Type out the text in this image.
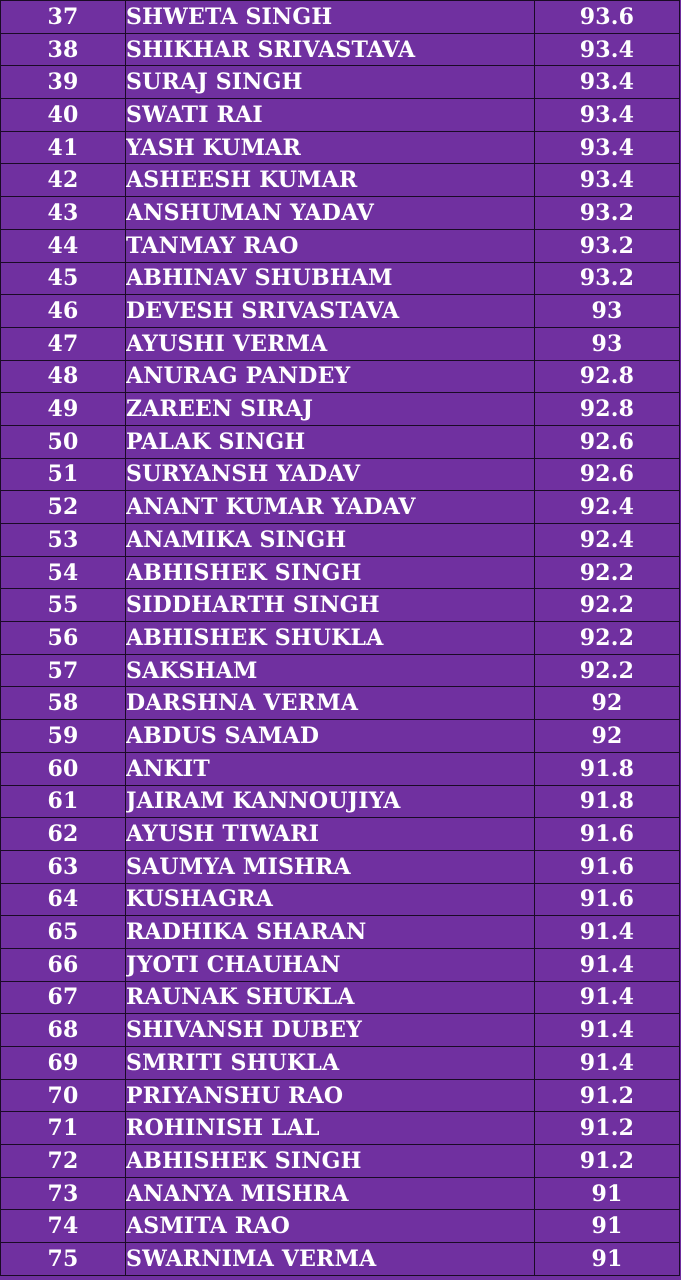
37	SHWETA SINGH	93.6
38	SHIKHAR SRIVASTAVA	93.4
39	SURAJ SINGH	93.4
40	SWATI RAI	93.4
41	YASH KUMAR	93.4
42	ASHEESH KUMAR	93.4
43	ANSHUMAN YADAV	93.2
44	TANMAY RAO	93.2
45	ABHINAV SHUBHAM	93.2
46	DEVESH SRIVASTAVA	93
47	AYUSHI VERMA	93
48	ANURAG PANDEY	92.8
49	ZAREEN SIRAJ	92.8
50	PALAK SINGH	92.6
51	SURYANSH YADAV	92.6
52	ANANT KUMAR YADAV	92.4
53	ANAMIKA SINGH	92.4
54	ABHISHEK SINGH	92.2
55	SIDDHARTH SINGH	92.2
56	ABHISHEK SHUKLA	92.2
57	SAKSHAM	92.2
58	DARSHNA VERMA	92
59	ABDUS SAMAD	92
60	ANKIT	91.8
61	JAIRAM KANNOUJIYA	91.8
62	AYUSH TIWARI	91.6
63	SAUMYA MISHRA	91.6
64	KUSHAGRA	91.6
65	RADHIKA SHARAN	91.4
66	JYOTI CHAUHAN	91.4
67	RAUNAK SHUKLA	91.4
68	SHIVANSH DUBEY	91.4
69	SMRITI SHUKLA	91.4
70	PRIYANSHU RAO	91.2
71	ROHINISH LAL	91.2
72	ABHISHEK SINGH	91.2
73	ANANYA MISHRA	91
74	ASMITA RAO	91
75	SWARNIMA VERMA	91
